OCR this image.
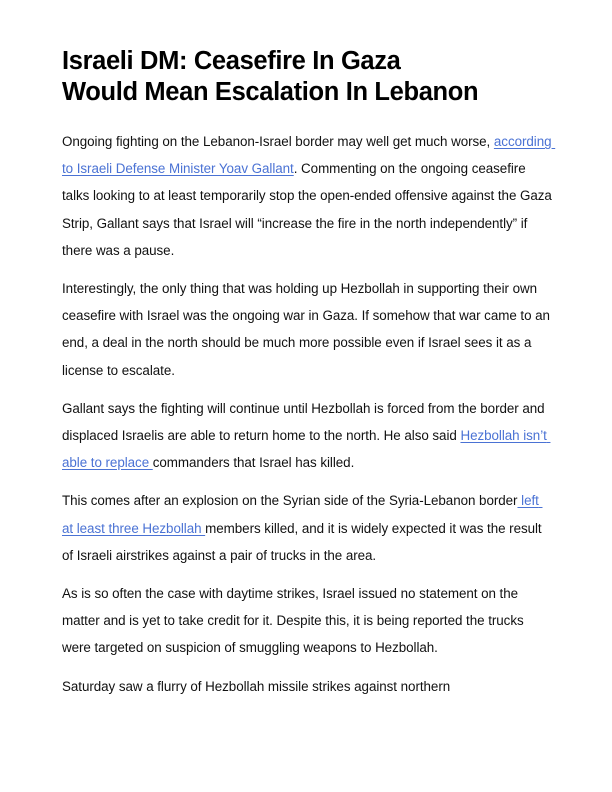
Israeli DM: Ceasefire In Gaza
Would Mean Escalation In Lebanon

Ongoing fighting on the Lebanon-Israel border may well get much worse, according to Israeli Defense Minister Yoav Gallant. Commenting on the ongoing ceasefire talks looking to at least temporarily stop the open-ended offensive against the Gaza Strip, Gallant says that Israel will “increase the fire in the north independently” if there was a pause.

Interestingly, the only thing that was holding up Hezbollah in supporting their own ceasefire with Israel was the ongoing war in Gaza. If somehow that war came to an end, a deal in the north should be much more possible even if Israel sees it as a license to escalate.

Gallant says the fighting will continue until Hezbollah is forced from the border and displaced Israelis are able to return home to the north. He also said Hezbollah isn’t able to replace commanders that Israel has killed.

This comes after an explosion on the Syrian side of the Syria-Lebanon border left at least three Hezbollah members killed, and it is widely expected it was the result of Israeli airstrikes against a pair of trucks in the area.

As is so often the case with daytime strikes, Israel issued no statement on the matter and is yet to take credit for it. Despite this, it is being reported the trucks were targeted on suspicion of smuggling weapons to Hezbollah.

Saturday saw a flurry of Hezbollah missile strikes against northern
